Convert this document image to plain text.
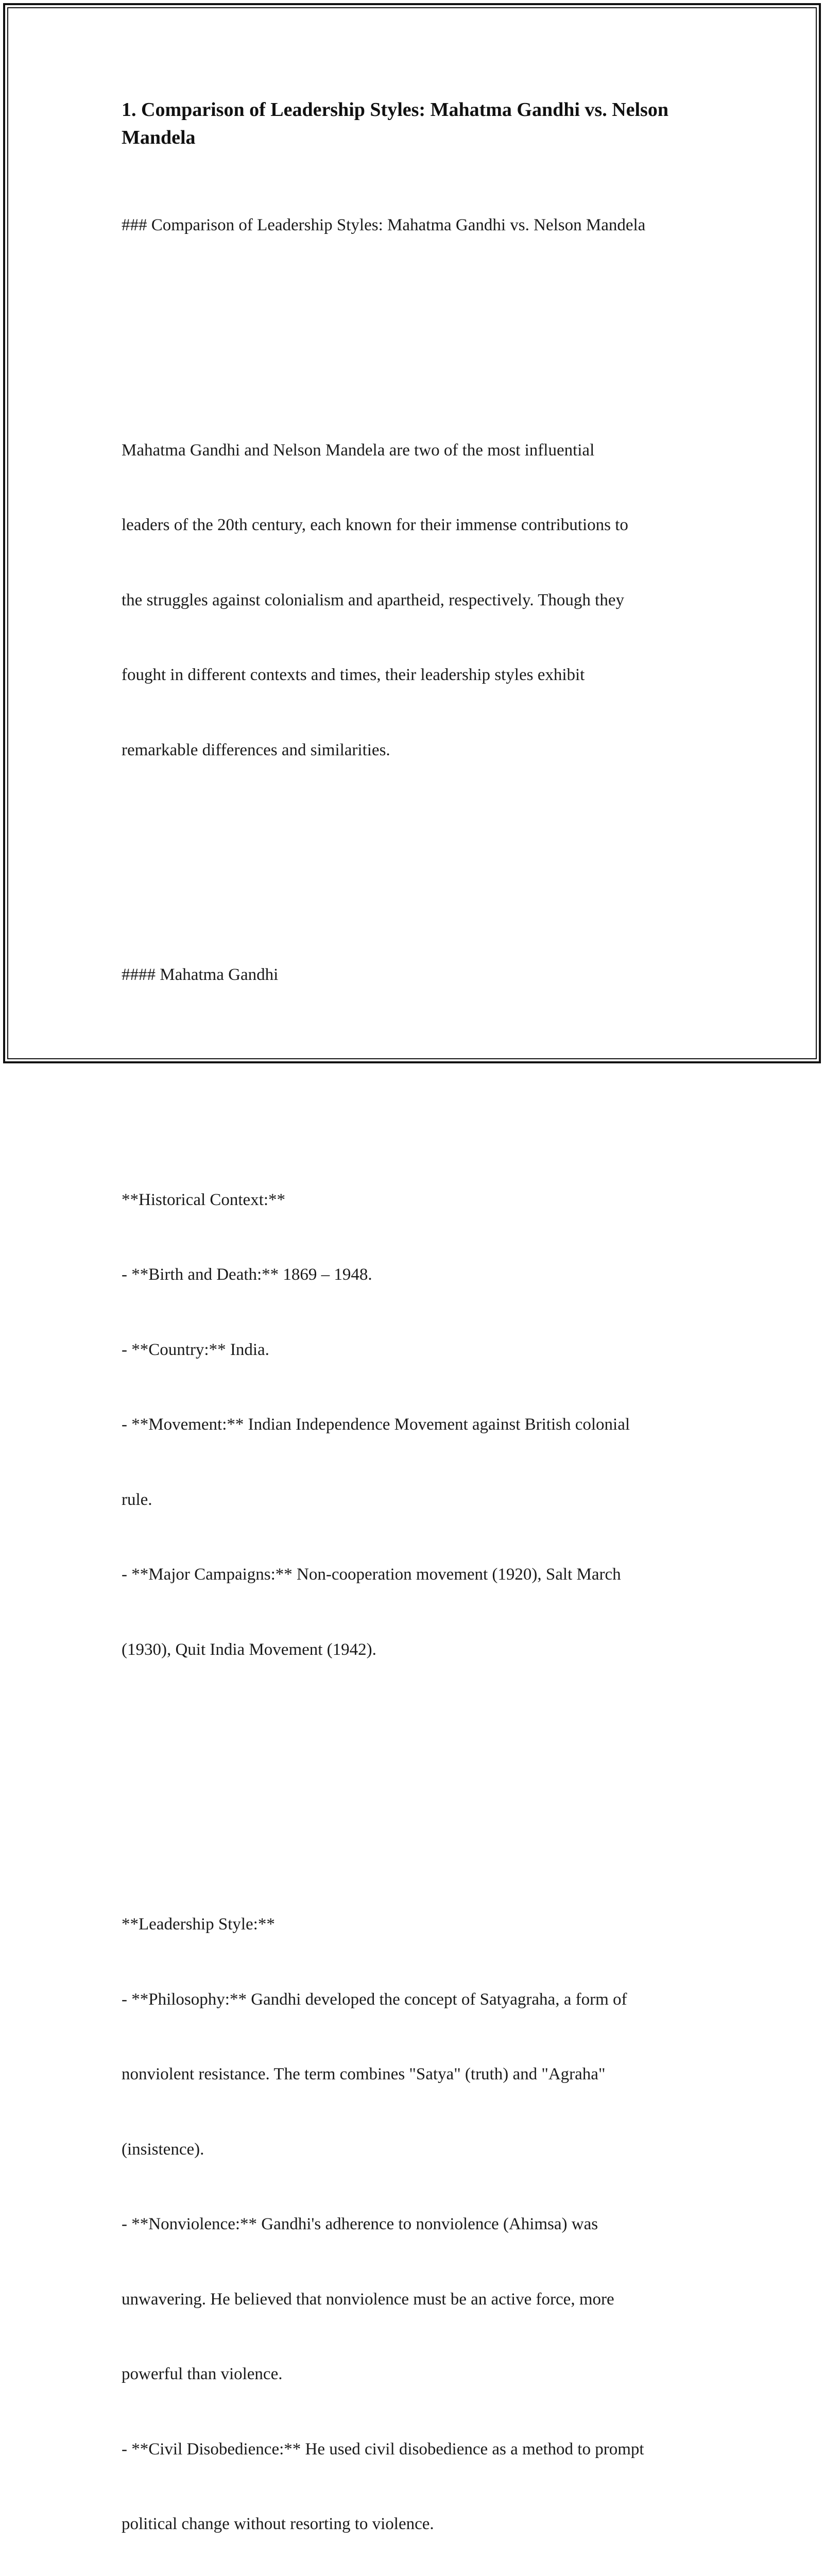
1. Comparison of Leadership Styles: Mahatma Gandhi vs. Nelson Mandela

### Comparison of Leadership Styles: Mahatma Gandhi vs. Nelson Mandela

Mahatma Gandhi and Nelson Mandela are two of the most influential

leaders of the 20th century, each known for their immense contributions to

the struggles against colonialism and apartheid, respectively. Though they

fought in different contexts and times, their leadership styles exhibit

remarkable differences and similarities.

#### Mahatma Gandhi

**Historical Context:**

- **Birth and Death:** 1869 – 1948.

- **Country:** India.

- **Movement:** Indian Independence Movement against British colonial

rule.

- **Major Campaigns:** Non-cooperation movement (1920), Salt March

(1930), Quit India Movement (1942).

**Leadership Style:**

- **Philosophy:** Gandhi developed the concept of Satyagraha, a form of

nonviolent resistance. The term combines "Satya" (truth) and "Agraha"

(insistence).

- **Nonviolence:** Gandhi's adherence to nonviolence (Ahimsa) was

unwavering. He believed that nonviolence must be an active force, more

powerful than violence.

- **Civil Disobedience:** He used civil disobedience as a method to prompt

political change without resorting to violence.
